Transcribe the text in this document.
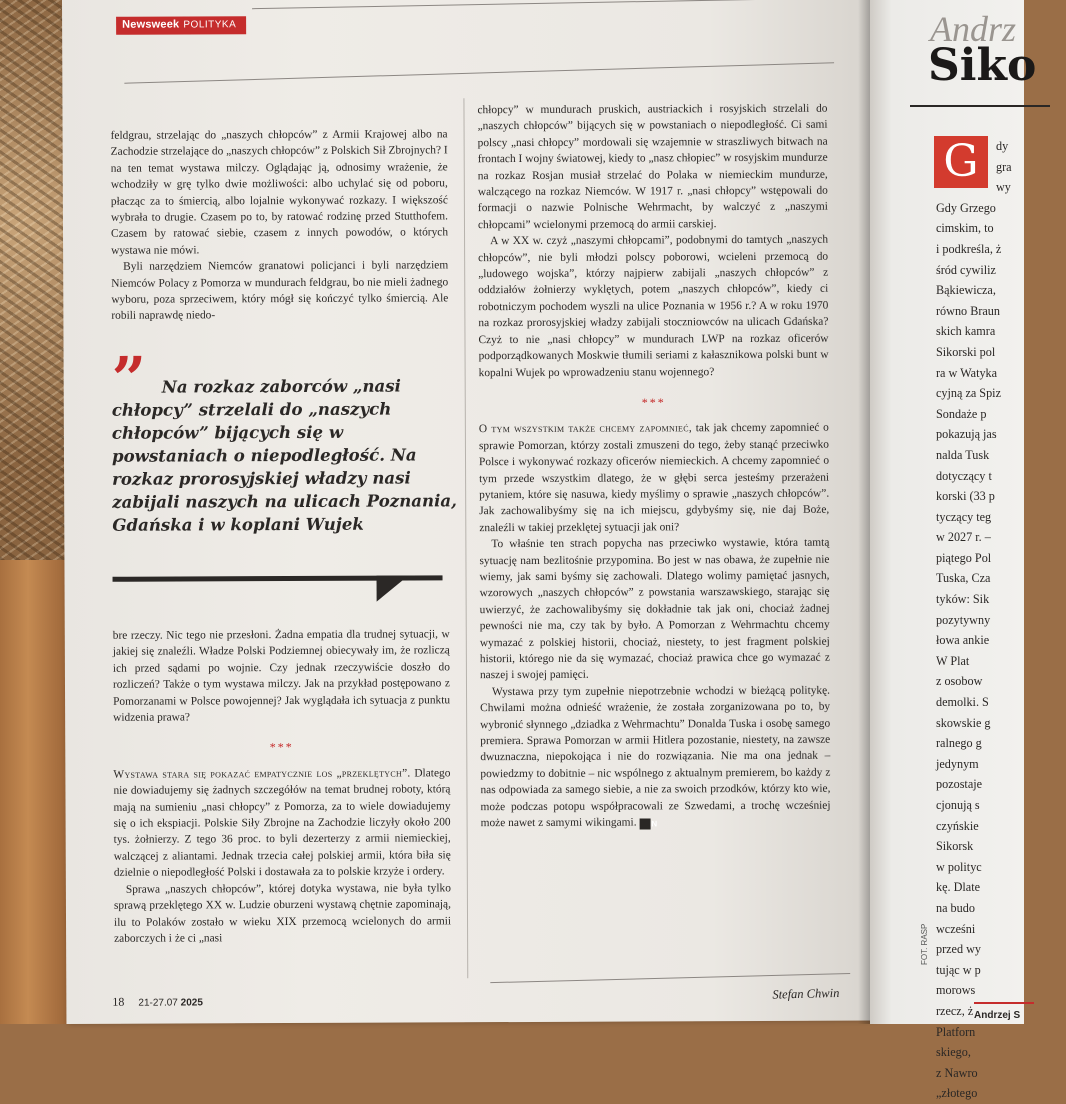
Newsweek POLITYKA

feldgrau, strzelając do „naszych chłopców” z Armii Krajowej albo na Zachodzie strzelające do „naszych chłopców” z Polskich Sił Zbrojnych? I na ten temat wystawa milczy. Oglądając ją, odnosimy wrażenie, że wchodziły w grę tylko dwie możliwości: albo uchylać się od poboru, płacząc za to śmiercią, albo lojalnie wykonywać rozkazy. I większość wybrała to drugie. Czasem po to, by ratować rodzinę przed Stutthofem. Czasem by ratować siebie, czasem z innych powodów, o których wystawa nie mówi.

Byli narzędziem Niemców granatowi policjanci i byli narzędziem Niemców Polacy z Pomorza w mundurach feldgrau, bo nie mieli żadnego wyboru, poza sprzeciwem, który mógł się kończyć tylko śmiercią. Ale robili naprawdę niedo-

” Na rozkaz zaborców „nasi chłopcy” strzelali do „naszych chłopców” bijących się w powstaniach o niepodległość. Na rozkaz prorosyjskiej władzy nasi zabijali naszych na ulicach Poznania, Gdańska i w koplani Wujek

bre rzeczy. Nic tego nie przesłoni. Żadna empatia dla trudnej sytuacji, w jakiej się znaleźli. Władze Polski Podziemnej obiecywały im, że rozliczą ich przed sądami po wojnie. Czy jednak rzeczywiście doszło do rozliczeń? Także o tym wystawa milczy. Jak na przykład postępowano z Pomorzanami w Polsce powojennej? Jak wyglądała ich sytuacja z punktu widzenia prawa?

***

Wystawa stara się pokazać empatycznie los „przeklętych”. Dlatego nie dowiadujemy się żadnych szczegółów na temat brudnej roboty, którą mają na sumieniu „nasi chłopcy” z Pomorza, za to wiele dowiadujemy się o ich ekspiacji. Polskie Siły Zbrojne na Zachodzie liczyły około 200 tys. żołnierzy. Z tego 36 proc. to byli dezerterzy z armii niemieckiej, walczącej z aliantami. Jednak trzecia całej polskiej armii, która biła się dzielnie o niepodległość Polski i dostawała za to polskie krzyże i ordery.

Sprawa „naszych chłopców”, której dotyka wystawa, nie była tylko sprawą przeklętego XX w. Ludzie oburzeni wystawą chętnie zapominają, ilu to Polaków zostało w wieku XIX przemocą wcielonych do armii zaborczych i że ci „nasi

chłopcy” w mundurach pruskich, austriackich i rosyjskich strzelali do „naszych chłopców” bijących się w powstaniach o niepodległość. Ci sami polscy „nasi chłopcy” mordowali się wzajemnie w straszliwych bitwach na frontach I wojny światowej, kiedy to „nasz chłopiec” w rosyjskim mundurze na rozkaz Rosjan musiał strzelać do Polaka w niemieckim mundurze, walczącego na rozkaz Niemców. W 1917 r. „nasi chłopcy” wstępowali do formacji o nazwie Polnische Wehrmacht, by walczyć z „naszymi chłopcami” wcielonymi przemocą do armii carskiej.

A w XX w. czyż „naszymi chłopcami”, podobnymi do tamtych „naszych chłopców”, nie byli młodzi polscy poborowi, wcieleni przemocą do „ludowego wojska”, którzy najpierw zabijali „naszych chłopców” z oddziałów żołnierzy wyklętych, potem „naszych chłopców”, kiedy ci robotniczym pochodem wyszli na ulice Poznania w 1956 r.? A w roku 1970 na rozkaz prorosyjskiej władzy zabijali stoczniowców na ulicach Gdańska? Czyż to nie „nasi chłopcy” w mundurach LWP na rozkaz oficerów podporządkowanych Moskwie tłumili seriami z kałasznikowa polski bunt w kopalni Wujek po wprowadzeniu stanu wojennego?

***

O tym wszystkim także chcemy zapomnieć, tak jak chcemy zapomnieć o sprawie Pomorzan, którzy zostali zmuszeni do tego, żeby stanąć przeciwko Polsce i wykonywać rozkazy oficerów niemieckich. A chcemy zapomnieć o tym przede wszystkim dlatego, że w głębi serca jesteśmy przerażeni pytaniem, które się nasuwa, kiedy myślimy o sprawie „naszych chłopców”. Jak zachowalibyśmy się na ich miejscu, gdybyśmy się, nie daj Boże, znaleźli w takiej przeklętej sytuacji jak oni?

To właśnie ten strach popycha nas przeciwko wystawie, która tamtą sytuację nam bezlitośnie przypomina. Bo jest w nas obawa, że zupełnie nie wiemy, jak sami byśmy się zachowali. Dlatego wolimy pamiętać jasnych, wzorowych „naszych chłopców” z powstania warszawskiego, starając się uwierzyć, że zachowalibyśmy się dokładnie tak jak oni, chociaż żadnej pewności nie ma, czy tak by było. A Pomorzan z Wehrmachtu chcemy wymazać z polskiej historii, chociaż, niestety, to jest fragment polskiej historii, którego nie da się wymazać, chociaż prawica chce go wymazać z naszej i swojej pamięci.

Wystawa przy tym zupełnie niepotrzebnie wchodzi w bieżącą politykę. Chwilami można odnieść wrażenie, że została zorganizowana po to, by wybronić słynnego „dziadka z Wehrmachtu” Donalda Tuska i osobę samego premiera. Sprawa Pomorzan w armii Hitlera pozostanie, niestety, na zawsze dwuznaczna, niepokojąca i nie do rozwiązania. Nie ma ona jednak – powiedzmy to dobitnie – nic wspólnego z aktualnym premierem, bo każdy z nas odpowiada za samego siebie, a nie za swoich przodków, którzy kto wie, może podczas potopu współpracowali ze Szwedami, a trochę wcześniej może nawet z samymi wikingami. N

Stefan Chwin
18 21-27.07 2025
Andrz
Siko
dy
gra
wy
Gdy Grzego
cimskim, to
i podkreśla, ż
śród cywiliz
Bąkiewicza,
równo Braun
skich kamra
Sikorski pol
ra w Watyka
cyjną za Spiz
Sondaże p
pokazują jas
nalda Tusk
dotyczący t
korski (33 p
tyczący teg
w 2027 r. –
piątego Pol
Tuska, Cza
tyków: Sik
pozytywny
łowa ankie
W Plat
z osobow
demolki. S
skowskie g
ralnego g
jedynym
pozostaje
cjonują s
czyńskie
Sikorsk
w polityc
kę. Dlate
na budo
wcześni
przed wy
tując w p
morows
rzecz, ż
Platforn
skiego,
z Nawro
„złotego
G
FOT. RASP
Andrzej S
